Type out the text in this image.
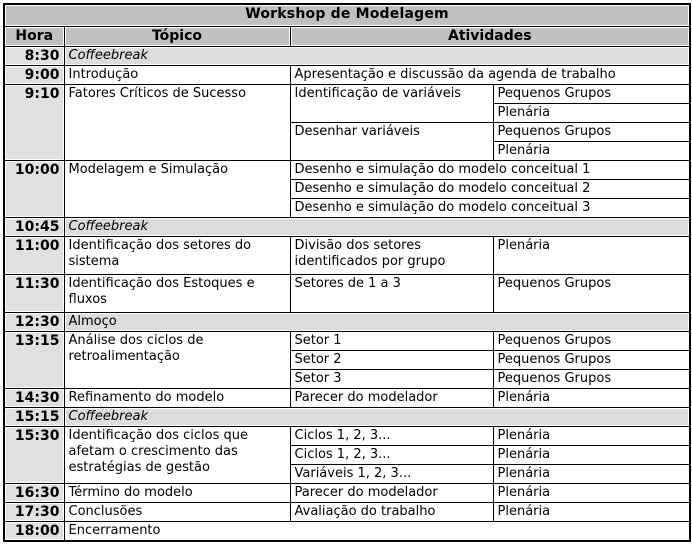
Workshop de Modelagem			
Hora	Tópico	Atividades	
8:30	Coffeebreak		
9:00	Introdução	Apresentação e discussão da agenda de trabalho	
9:10	Fatores Críticos de Sucesso	Identificação de variáveis	Pequenos Grupos
			Plenária
		Desenhar variáveis	Pequenos Grupos
			Plenária
10:00	Modelagem e Simulação	Desenho e simulação do modelo conceitual 1	
		Desenho e simulação do modelo conceitual 2	
		Desenho e simulação do modelo conceitual 3	
10:45	Coffeebreak		
11:00	Identificação dos setores do sistema	Divisão dos setores identificados por grupo	Plenária
11:30	Identificação dos Estoques e fluxos	Setores de 1 a 3	Pequenos Grupos
12:30	Almoço		
13:15	Análise dos ciclos de retroalimentação	Setor 1	Pequenos Grupos
		Setor 2	Pequenos Grupos
		Setor 3	Pequenos Grupos
14:30	Refinamento do modelo	Parecer do modelador	Plenária
15:15	Coffeebreak		
15:30	Identificação dos ciclos que afetam o crescimento das estratégias de gestão	Ciclos 1, 2, 3...	Plenária
		Ciclos 1, 2, 3...	Plenária
		Variáveis 1, 2, 3...	Plenária
16:30	Término do modelo	Parecer do modelador	Plenária
17:30	Conclusões	Avaliação do trabalho	Plenária
18:00	Encerramento		
